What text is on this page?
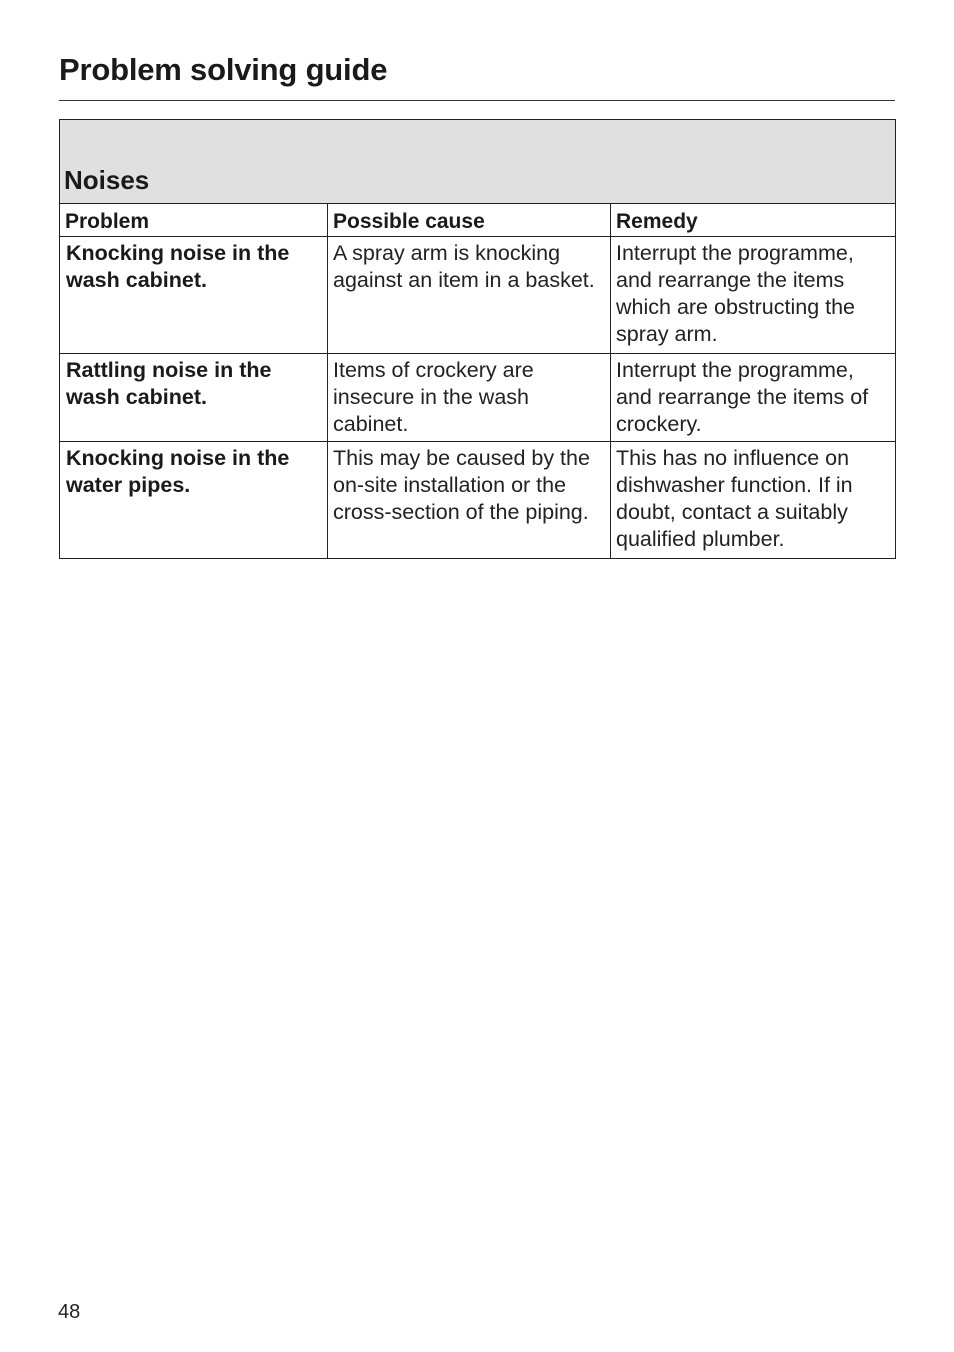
Problem solving guide
Noises		
Problem	Possible cause	Remedy
Knocking noise in the wash cabinet.	A spray arm is knocking against an item in a basket.	Interrupt the programme, and rearrange the items which are obstructing the spray arm.
Rattling noise in the wash cabinet.	Items of crockery are insecure in the wash cabinet.	Interrupt the programme, and rearrange the items of crockery.
Knocking noise in the water pipes.	This may be caused by the on-site installation or the cross-section of the piping.	This has no influence on dishwasher function. If in doubt, contact a suitably qualified plumber.
48
